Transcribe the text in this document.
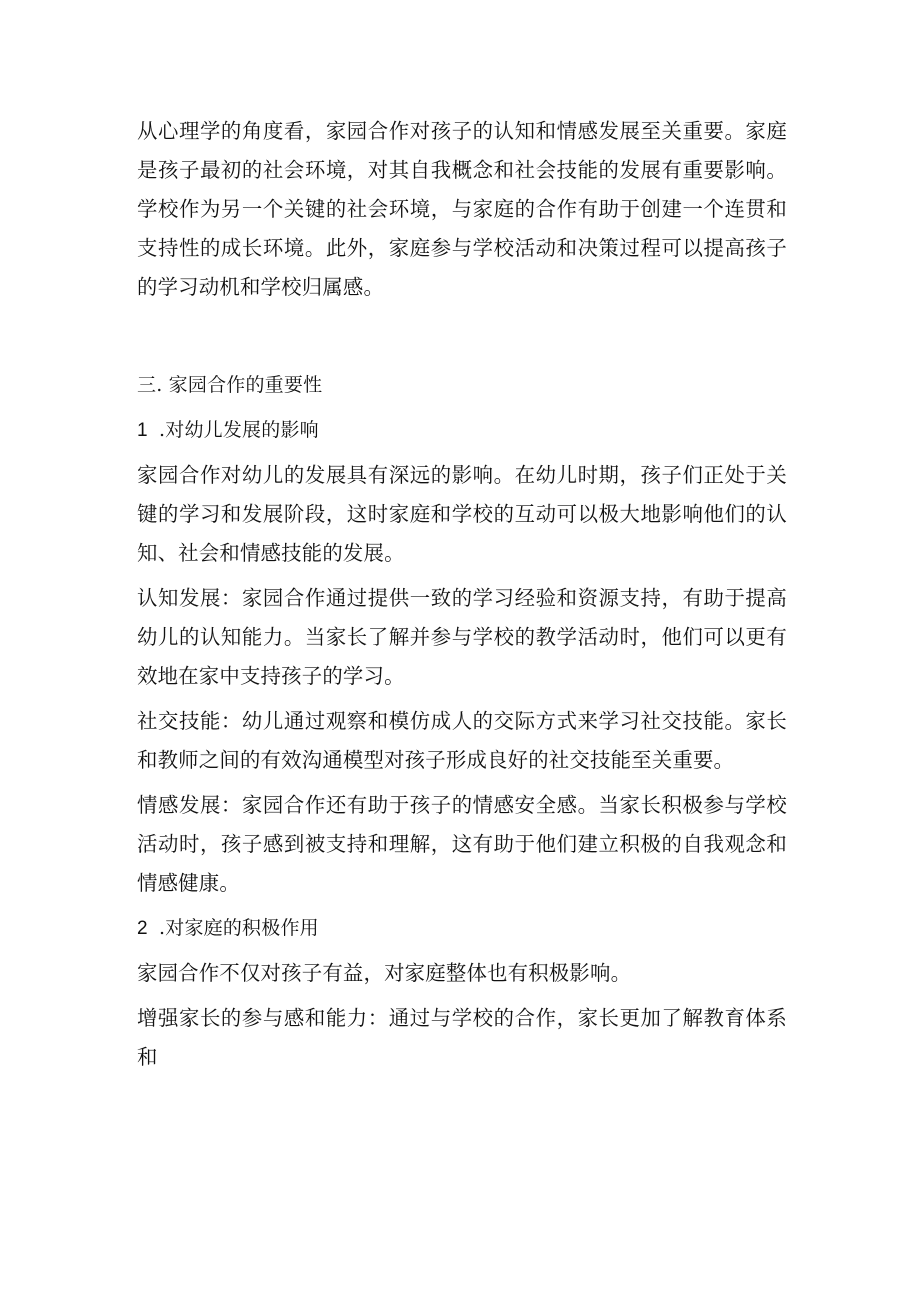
从心理学的角度看，家园合作对孩子的认知和情感发展至关重要。家庭是孩子最初的社会环境，对其自我概念和社会技能的发展有重要影响。学校作为另一个关键的社会环境，与家庭的合作有助于创建一个连贯和支持性的成长环境。此外，家庭参与学校活动和决策过程可以提高孩子的学习动机和学校归属感。

三. 家园合作的重要性

1 .对幼儿发展的影响

家园合作对幼儿的发展具有深远的影响。在幼儿时期，孩子们正处于关键的学习和发展阶段，这时家庭和学校的互动可以极大地影响他们的认知、社会和情感技能的发展。

认知发展：家园合作通过提供一致的学习经验和资源支持，有助于提高幼儿的认知能力。当家长了解并参与学校的教学活动时，他们可以更有效地在家中支持孩子的学习。

社交技能：幼儿通过观察和模仿成人的交际方式来学习社交技能。家长和教师之间的有效沟通模型对孩子形成良好的社交技能至关重要。

情感发展：家园合作还有助于孩子的情感安全感。当家长积极参与学校活动时，孩子感到被支持和理解，这有助于他们建立积极的自我观念和情感健康。

2 .对家庭的积极作用

家园合作不仅对孩子有益，对家庭整体也有积极影响。

增强家长的参与感和能力：通过与学校的合作，家长更加了解教育体系和
